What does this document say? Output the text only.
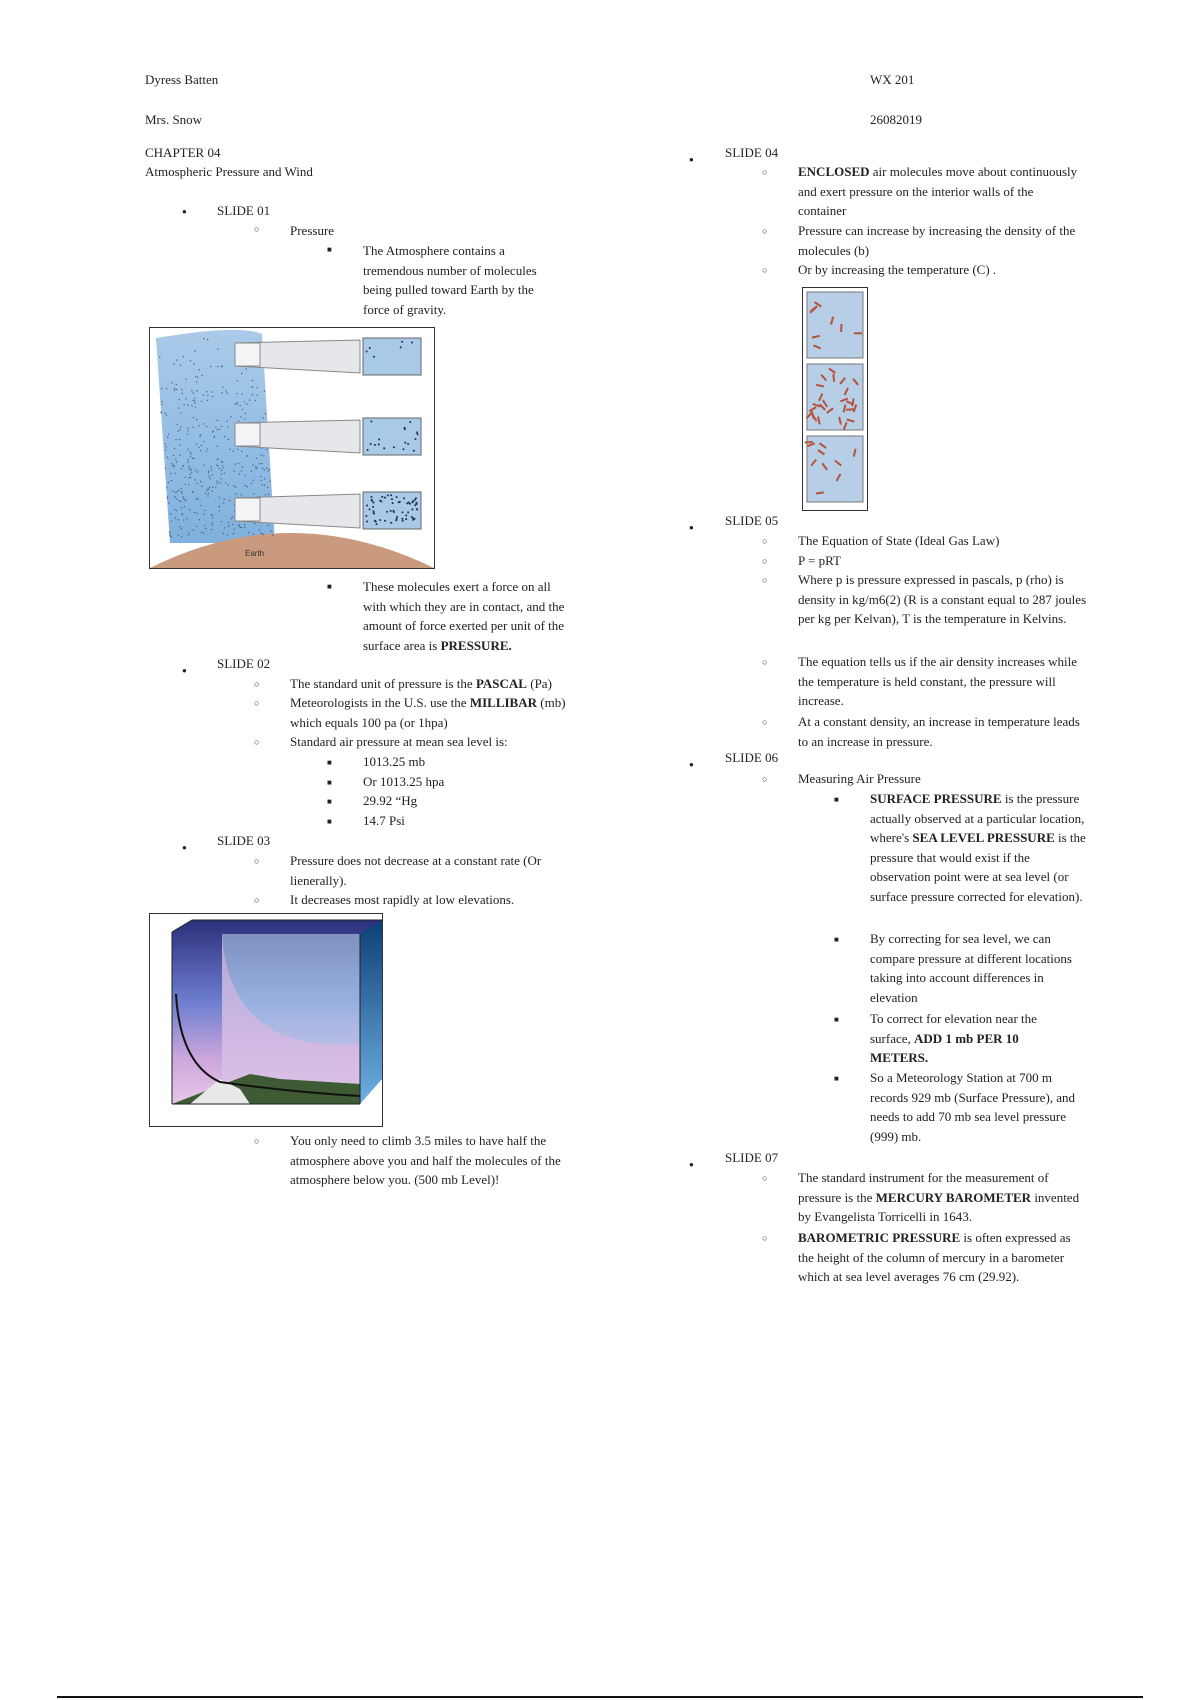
Dyress Batten	WX 201
Mrs. Snow	26082019
CHAPTER 04
Atmospheric Pressure and Wind
● SLIDE 01
○ Pressure
■ The Atmosphere contains a tremendous number of molecules being pulled toward Earth by the force of gravity.
Earth
■ These molecules exert a force on all with which they are in contact, and the amount of force exerted per unit of the surface area is PRESSURE.
● SLIDE 02
○ The standard unit of pressure is the PASCAL (Pa)
○ Meteorologists in the U.S. use the MILLIBAR (mb) which equals 100 pa (or 1hpa)
○ Standard air pressure at mean sea level is:
■ 1013.25 mb
■ Or 1013.25 hpa
■ 29.92 “Hg
■ 14.7 Psi
● SLIDE 03
○ Pressure does not decrease at a constant rate (Or lienerally).
○ It decreases most rapidly at low elevations.
○ You only need to climb 3.5 miles to have half the atmosphere above you and half the molecules of the atmosphere below you. (500 mb Level)!
● SLIDE 04
○ ENCLOSED air molecules move about continuously and exert pressure on the interior walls of the container
○ Pressure can increase by increasing the density of the molecules (b)
○ Or by increasing the temperature (C) .
● SLIDE 05
○ The Equation of State (Ideal Gas Law)
○ P = pRT
○ Where p is pressure expressed in pascals, p (rho) is density in kg/m6(2) (R is a constant equal to 287 joules per kg per Kelvan), T is the temperature in Kelvins.
○ The equation tells us if the air density increases while the temperature is held constant, the pressure will increase.
○ At a constant density, an increase in temperature leads to an increase in pressure.
● SLIDE 06
○ Measuring Air Pressure
■ SURFACE PRESSURE is the pressure actually observed at a particular location, where's SEA LEVEL PRESSURE is the pressure that would exist if the observation point were at sea level (or surface pressure corrected for elevation).
■ By correcting for sea level, we can compare pressure at different locations taking into account differences in elevation
■ To correct for elevation near the surface, ADD 1 mb PER 10 METERS.
■ So a Meteorology Station at 700 m records 929 mb (Surface Pressure), and needs to add 70 mb sea level pressure (999) mb.
● SLIDE 07
○ The standard instrument for the measurement of pressure is the MERCURY BAROMETER invented by Evangelista Torricelli in 1643.
○ BAROMETRIC PRESSURE is often expressed as the height of the column of mercury in a barometer which at sea level averages 76 cm (29.92).
